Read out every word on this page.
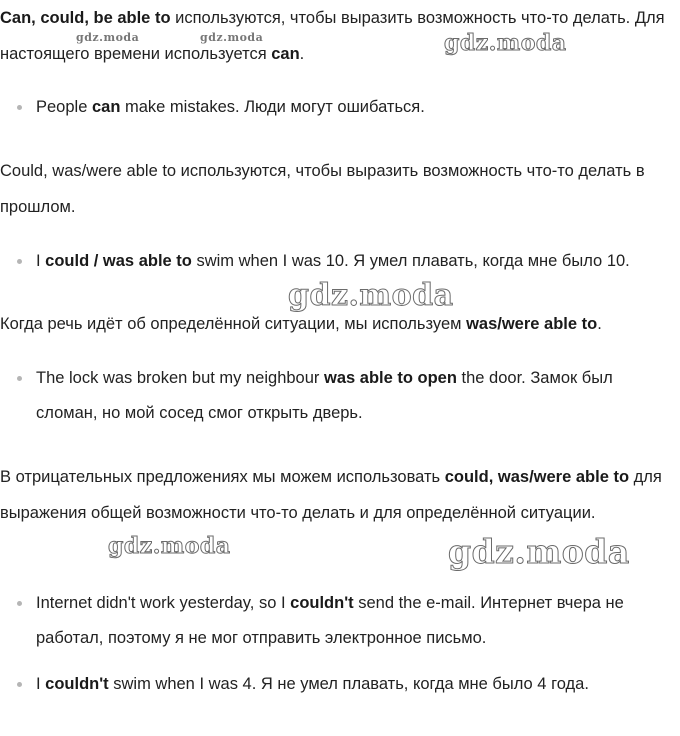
Can, could, be able to используются, чтобы выразить возможность что-то делать. Для настоящего времени используется can.

People can make mistakes. Люди могут ошибаться.

Could, was/were able to используются, чтобы выразить возможность что-то делать в прошлом.

I could / was able to swim when I was 10. Я умел плавать, когда мне было 10.

Когда речь идёт об определённой ситуации, мы используем was/were able to.

The lock was broken but my neighbour was able to open the door. Замок был сломан, но мой сосед смог открыть дверь.

В отрицательных предложениях мы можем использовать could, was/were able to для выражения общей возможности что-то делать и для определённой ситуации.

Internet didn't work yesterday, so I couldn't send the e-mail. Интернет вчера не работал, поэтому я не мог отправить электронное письмо.
I couldn't swim when I was 4. Я не умел плавать, когда мне было 4 года.
gdz.moda	gdz.moda	gdz.moda
gdz.moda
gdz.moda	gdz.moda
